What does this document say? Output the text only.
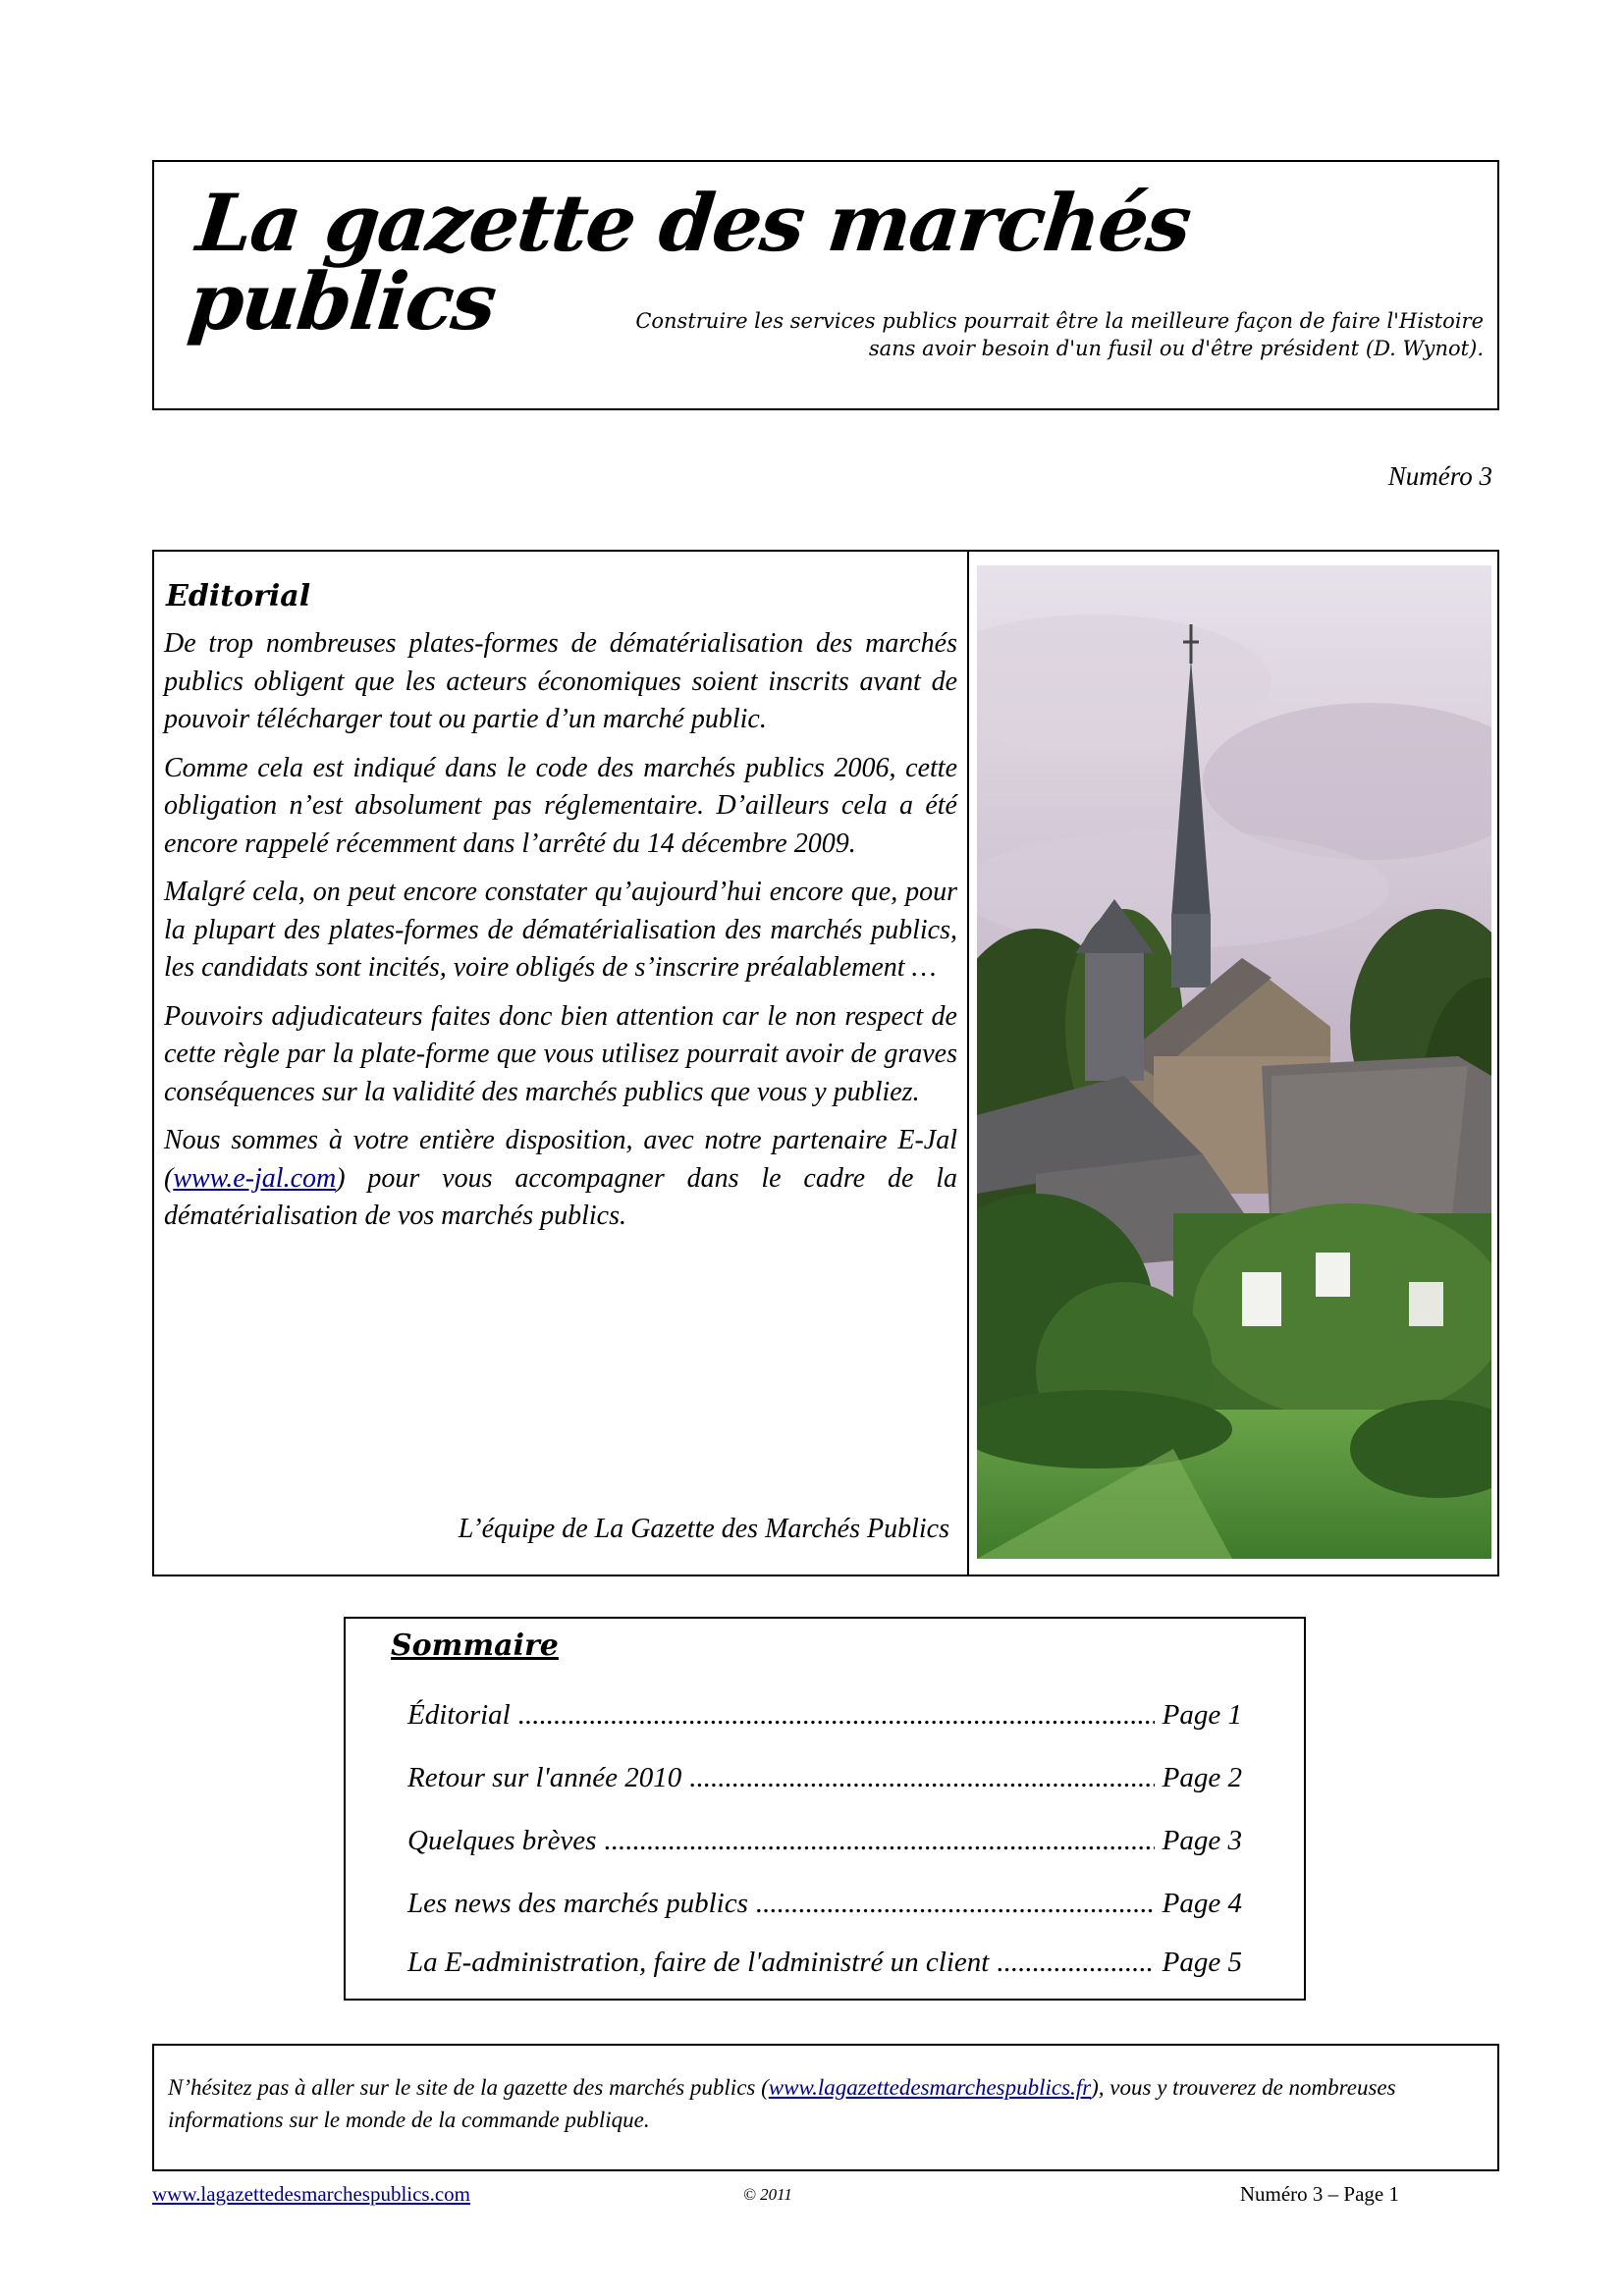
La gazette des marchés publics	Construire les services publics pourrait être la meilleure façon de faire l'Histoire
sans avoir besoin d'un fusil ou d'être président (D. Wynot).
Numéro 3
Editorial

De trop nombreuses plates-formes de dématérialisation des marchés publics obligent que les acteurs économiques soient inscrits avant de pouvoir télécharger tout ou partie d’un marché public.

Comme cela est indiqué dans le code des marchés publics 2006, cette obligation n’est absolument pas réglementaire. D’ailleurs cela a été encore rappelé récemment dans l’arrêté du 14 décembre 2009.

Malgré cela, on peut encore constater qu’aujourd’hui encore que, pour la plupart des plates-formes de dématérialisation des marchés publics, les candidats sont incités, voire obligés de s’inscrire préalablement …

Pouvoirs adjudicateurs faites donc bien attention car le non respect de cette règle par la plate-forme que vous utilisez pourrait avoir de graves conséquences sur la validité des marchés publics que vous y publiez.

Nous sommes à votre entière disposition, avec notre partenaire E-Jal (www.e-jal.com) pour vous accompagner dans le cadre de la dématérialisation de vos marchés publics.

L’équipe de La Gazette des Marchés Publics
Sommaire
Éditorial .....	Page 1
Retour sur l'année 2010 .....	Page 2
Quelques brèves .....	Page 3
Les news des marchés publics .....	Page 4
La E-administration, faire de l'administré un client .....	Page 5

N’hésitez pas à aller sur le site de la gazette des marchés publics (www.lagazettedesmarchespublics.fr), vous y trouverez de nombreuses informations sur le monde de la commande publique.

www.lagazettedesmarchespublics.com	© 2011	Numéro 3 – Page 1
